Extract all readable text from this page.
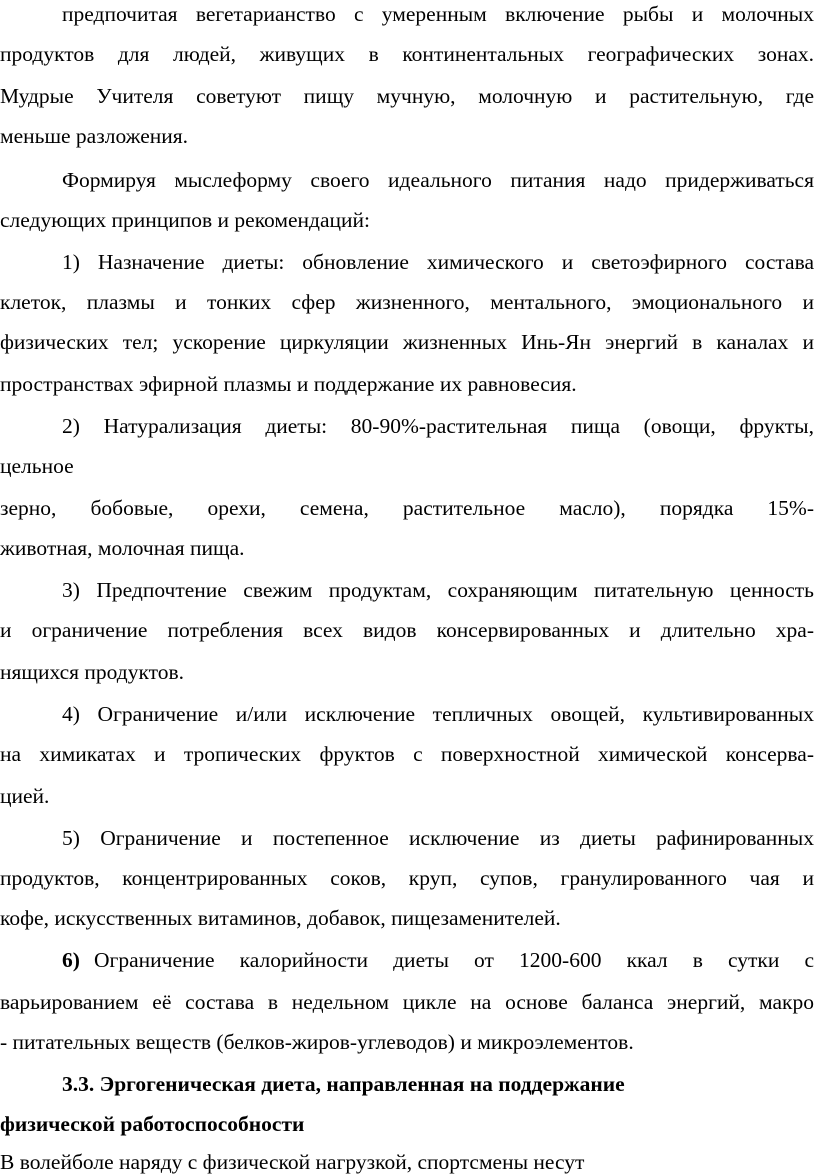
предпочитая вегетарианство с умеренным включение рыбы и молочных
продуктов для людей, живущих в континентальных географических зонах.
Мудрые Учителя советуют пищу мучную, молочную и растительную, где
меньше разложения.
Формируя мыслеформу своего идеального питания надо придерживаться
следующих принципов и рекомендаций:
1) Назначение диеты: обновление химического и светоэфирного состава
клеток, плазмы и тонких сфер жизненного, ментального, эмоционального и
физических тел; ускорение циркуляции жизненных Инь-Ян энергий в каналах и
пространствах эфирной плазмы и поддержание их равновесия.
2) Натурализация диеты: 80-90%-растительная пища (овощи, фрукты,
цельное
зерно, бобовые, орехи, семена, растительное масло), порядка 15%-
животная, молочная пища.
3) Предпочтение свежим продуктам, сохраняющим питательную ценность
и ограничение потребления всех видов консервированных и длительно хра-
нящихся продуктов.
4) Ограничение и/или исключение тепличных овощей, культивированных
на химикатах и тропических фруктов с поверхностной химической консерва-
цией.
5) Ограничение и постепенное исключение из диеты рафинированных
продуктов, концентрированных соков, круп, супов, гранулированного чая и
кофе, искусственных витаминов, добавок, пищезаменителей.
6) Ограничение калорийности диеты от 1200-600 ккал в сутки с
варьированием её состава в недельном цикле на основе баланса энергий, макро
- питательных веществ (белков-жиров-углеводов) и микроэлементов.
3.3. Эргогеническая диета, направленная на поддержание
физической работоспособности
В волейболе наряду с физической нагрузкой, спортсмены несут
